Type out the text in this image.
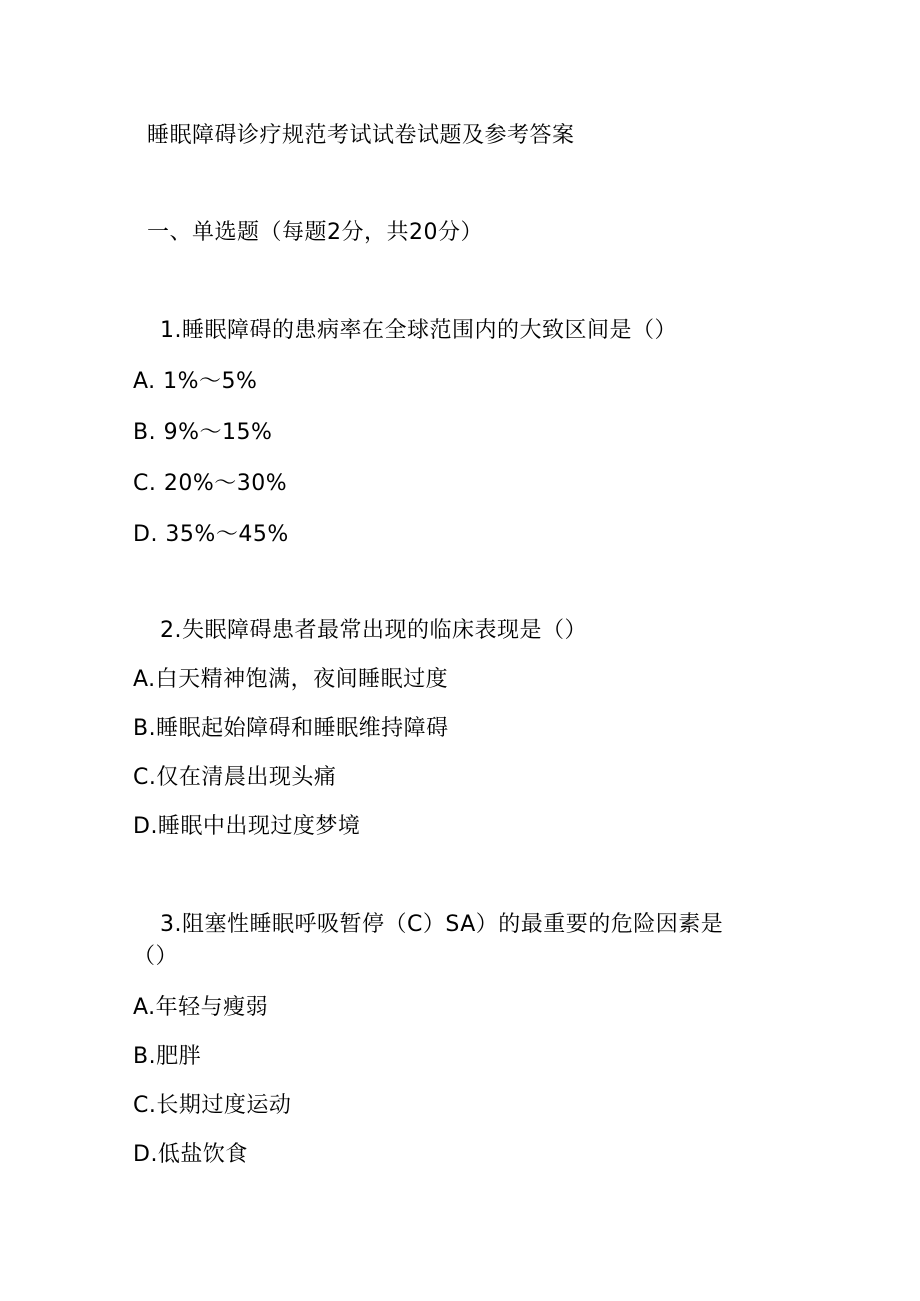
睡眠障碍诊疗规范考试试卷试题及参考答案
一、单选题（每题2分，共20分）
1.睡眠障碍的患病率在全球范围内的大致区间是（）
A. 1%～5%
B. 9%～15%
C. 20%～30%
D. 35%～45%
2.失眠障碍患者最常出现的临床表现是（）
A.白天精神饱满，夜间睡眠过度
B.睡眠起始障碍和睡眠维持障碍
C.仅在清晨出现头痛
D.睡眠中出现过度梦境
3.阻塞性睡眠呼吸暂停（C）SA）的最重要的危险因素是
（）
A.年轻与瘦弱
B.肥胖
C.长期过度运动
D.低盐饮食
